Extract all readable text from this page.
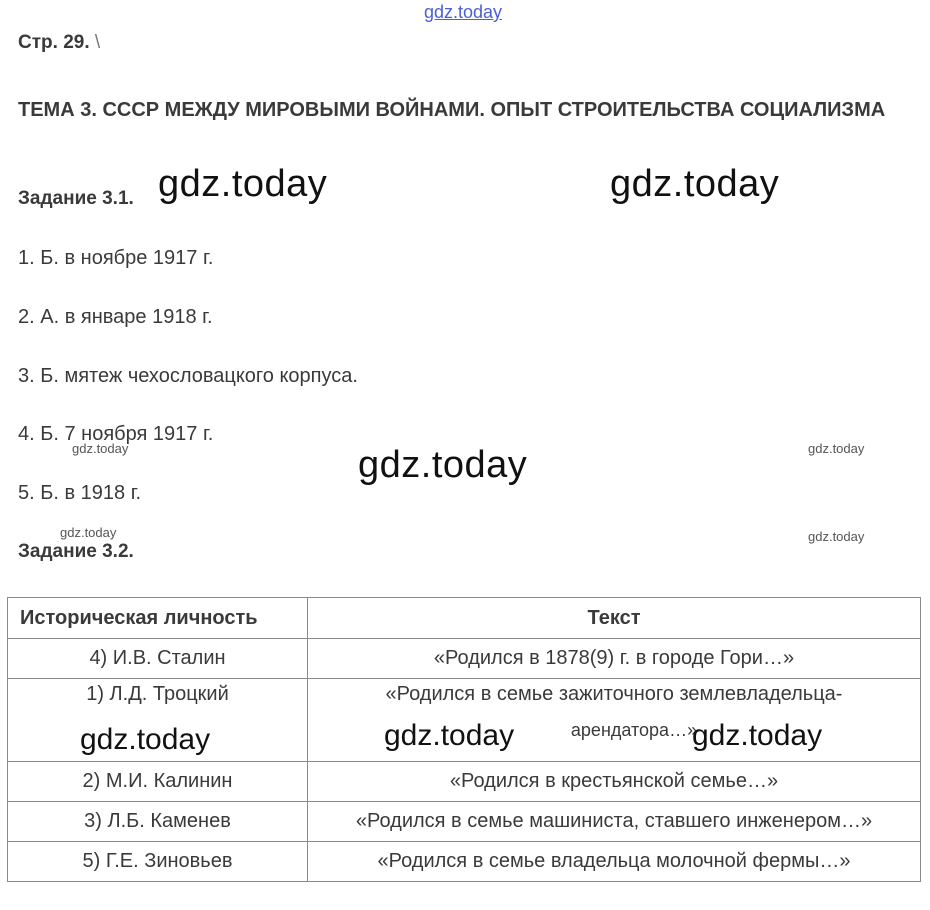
gdz.today
Стр. 29. \
ТЕМА 3. СССР МЕЖДУ МИРОВЫМИ ВОЙНАМИ. ОПЫТ СТРОИТЕЛЬСТВА СОЦИАЛИЗМА
Задание 3.1. gdz.today	gdz.today
1. Б. в ноябре 1917 г.
2. А. в январе 1918 г.
3. Б. мятеж чехословацкого корпуса.
4. Б. 7 ноября 1917 г.
gdz.today	gdz.today	gdz.today
5. Б. в 1918 г.
gdz.today	gdz.today
Задание 3.2.
Историческая личность	Текст
4) И.В. Сталин	«Родился в 1878(9) г. в городе Гори…»
1) Л.Д. Троцкий	«Родился в семье зажиточного землевладельца-
арендатора…»

2) М.И. Калинин	«Родился в крестьянской семье…»
3) Л.Б. Каменев	«Родился в семье машиниста, ставшего инженером…»
5) Г.Е. Зиновьев	«Родился в семье владельца молочной фермы…»
gdz.today	gdz.today	gdz.today
